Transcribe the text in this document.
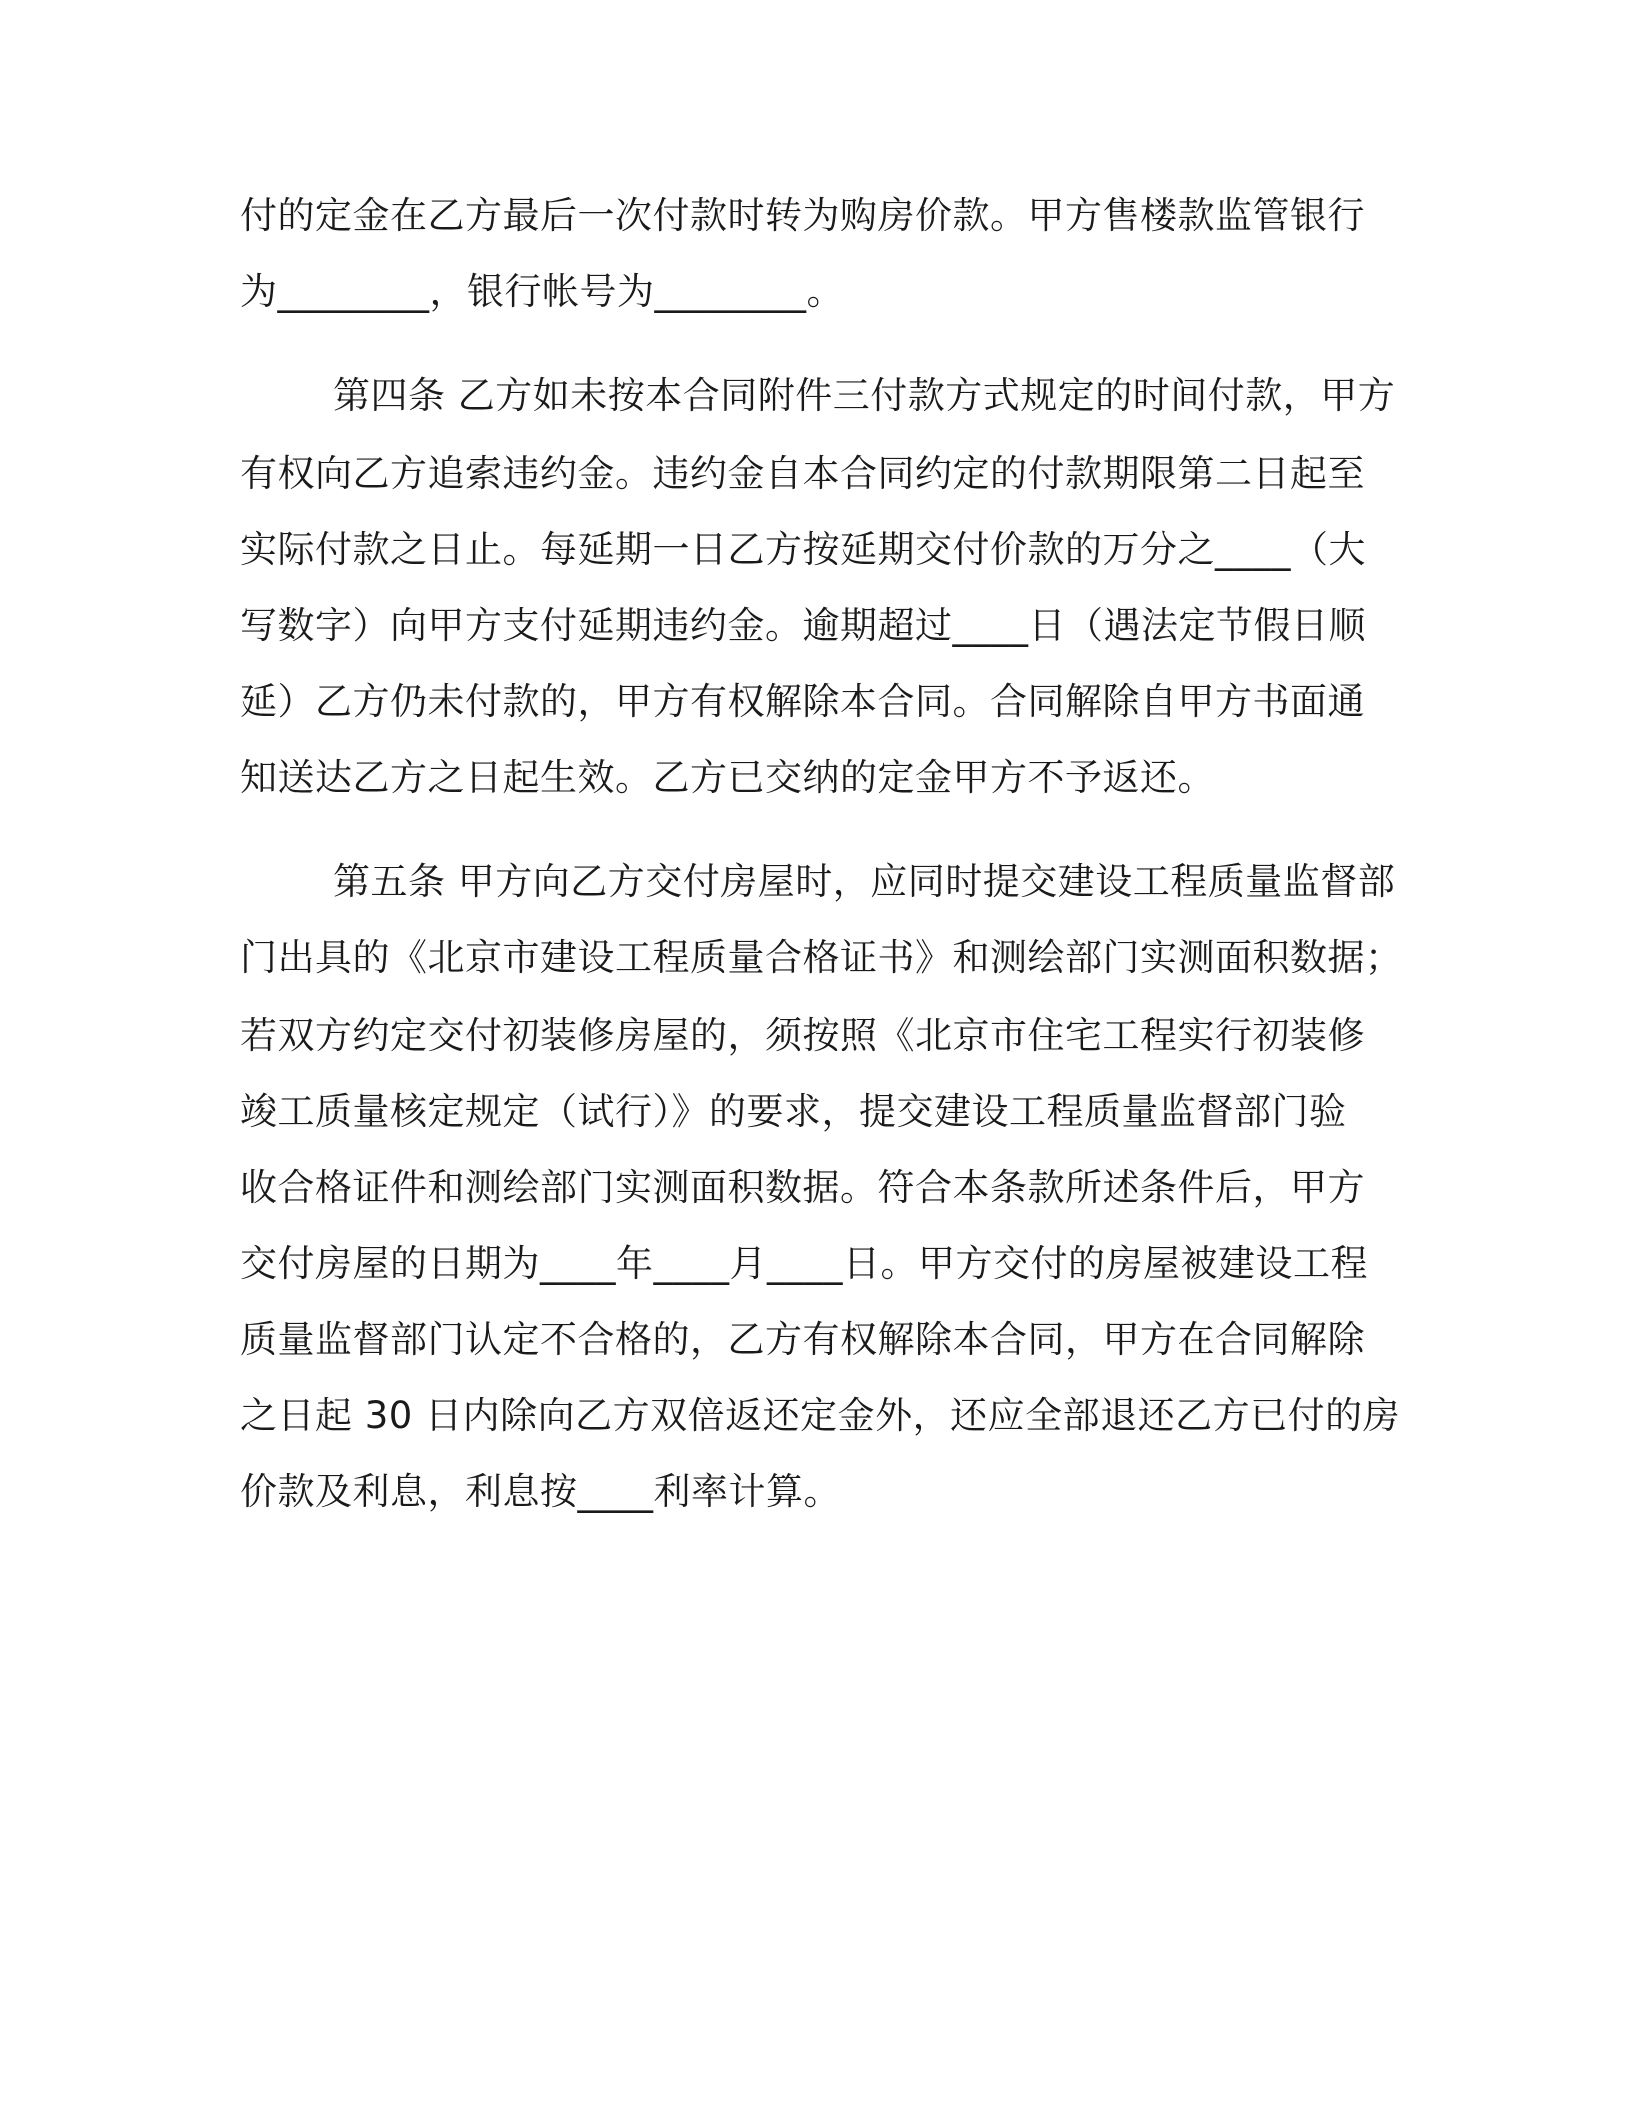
付的定金在乙方最后一次付款时转为购房价款。甲方售楼款监管银行

为________，银行帐号为________。

第四条 乙方如未按本合同附件三付款方式规定的时间付款，甲方

有权向乙方追索违约金。违约金自本合同约定的付款期限第二日起至

实际付款之日止。每延期一日乙方按延期交付价款的万分之____（大

写数字）向甲方支付延期违约金。逾期超过____日（遇法定节假日顺

延）乙方仍未付款的，甲方有权解除本合同。合同解除自甲方书面通

知送达乙方之日起生效。乙方已交纳的定金甲方不予返还。

第五条 甲方向乙方交付房屋时，应同时提交建设工程质量监督部

门出具的《北京市建设工程质量合格证书》和测绘部门实测面积数据；

若双方约定交付初装修房屋的，须按照《北京市住宅工程实行初装修

竣工质量核定规定（试行）》的要求，提交建设工程质量监督部门验

收合格证件和测绘部门实测面积数据。符合本条款所述条件后，甲方

交付房屋的日期为____年____月____日。甲方交付的房屋被建设工程

质量监督部门认定不合格的，乙方有权解除本合同，甲方在合同解除

之日起 30 日内除向乙方双倍返还定金外，还应全部退还乙方已付的房

价款及利息，利息按____利率计算。
